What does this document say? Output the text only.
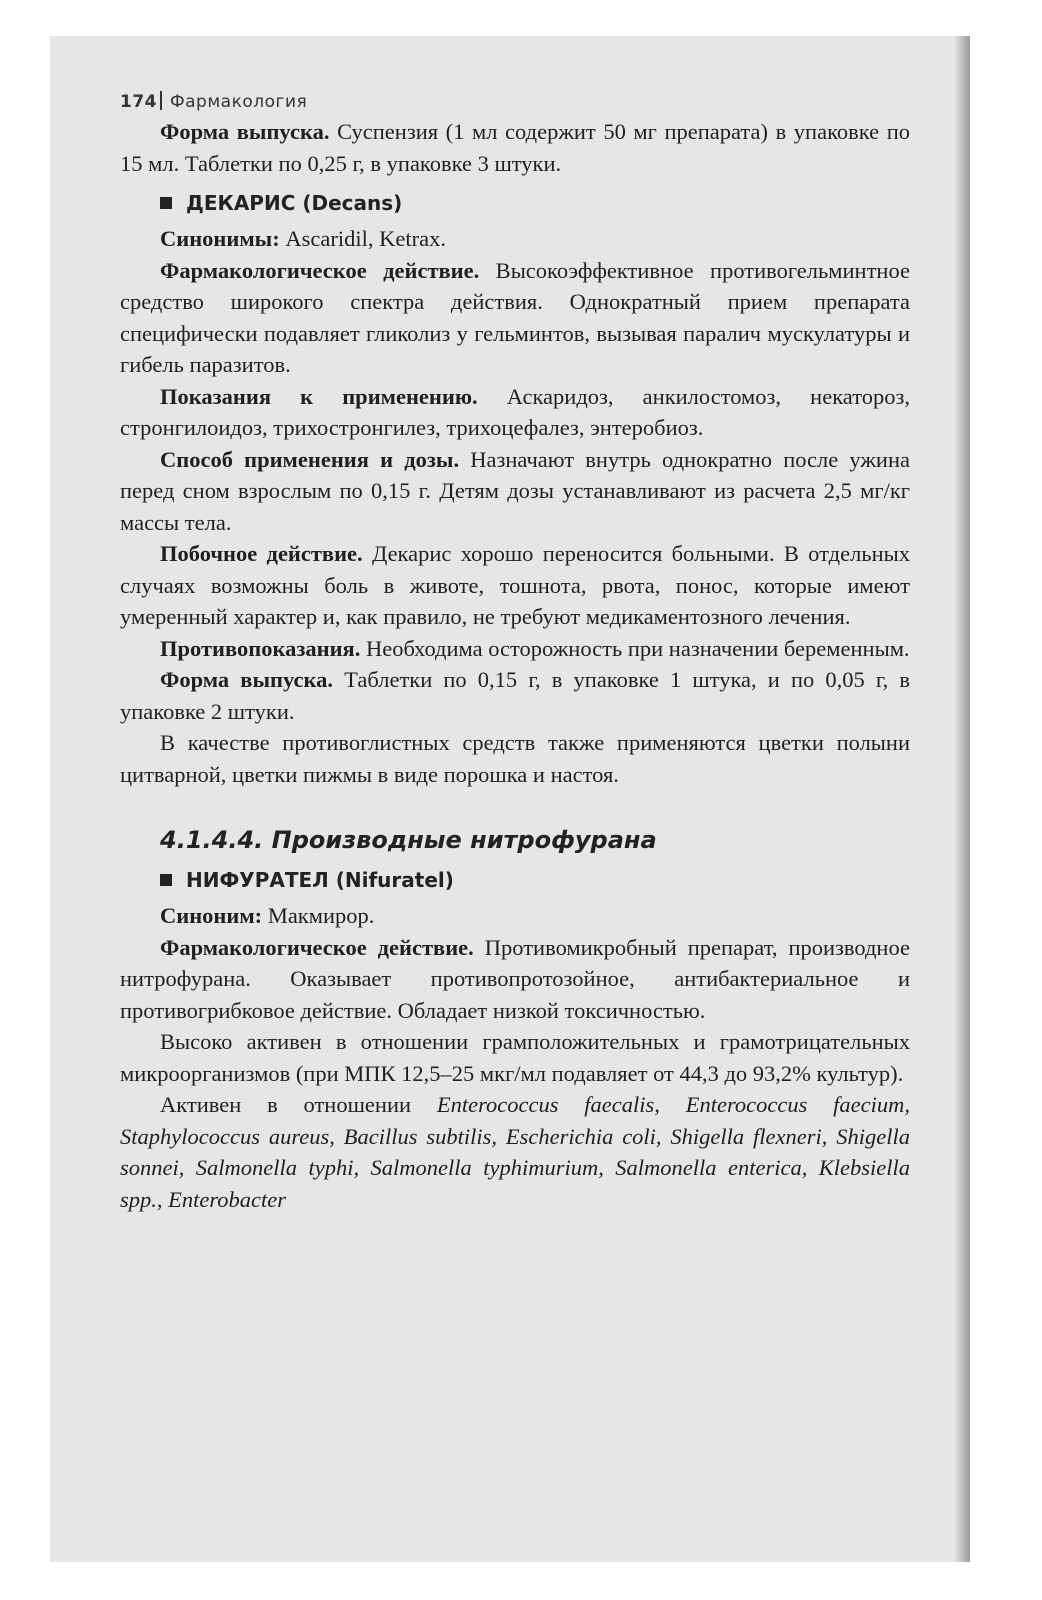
174 Фармакология

Форма выпуска. Суспензия (1 мл содержит 50 мг препарата) в упаковке по 15 мл. Таблетки по 0,25 г, в упаковке 3 штуки.

ДЕКАРИС (Decans)

Синонимы: Ascaridil, Ketrax.

Фармакологическое действие. Высокоэффективное противогельминтное средство широкого спектра действия. Однократный прием препарата специфически подавляет гликолиз у гельминтов, вызывая паралич мускулатуры и гибель паразитов.

Показания к применению. Аскаридоз, анкилостомоз, некатороз, стронгилоидоз, трихостронгилез, трихоцефалез, энтеробиоз.

Способ применения и дозы. Назначают внутрь однократно после ужина перед сном взрослым по 0,15 г. Детям дозы устанавливают из расчета 2,5 мг/кг массы тела.

Побочное действие. Декарис хорошо переносится больными. В отдельных случаях возможны боль в животе, тошнота, рвота, понос, которые имеют умеренный характер и, как правило, не требуют медикаментозного лечения.

Противопоказания. Необходима осторожность при назначении беременным.

Форма выпуска. Таблетки по 0,15 г, в упаковке 1 штука, и по 0,05 г, в упаковке 2 штуки.

В качестве противоглистных средств также применяются цветки полыни цитварной, цветки пижмы в виде порошка и настоя.

4.1.4.4. Производные нитрофурана
НИФУРАТЕЛ (Nifuratel)

Синоним: Макмирор.

Фармакологическое действие. Противомикробный препарат, производное нитрофурана. Оказывает противопротозойное, антибактериальное и противогрибковое действие. Обладает низкой токсичностью.

Высоко активен в отношении грамположительных и грамотрицательных микроорганизмов (при МПК 12,5–25 мкг/мл подавляет от 44,3 до 93,2% культур).

Активен в отношении Enterococcus faecalis, Enterococcus faecium, Staphylococcus aureus, Bacillus subtilis, Escherichia coli, Shigella flexneri, Shigella sonnei, Salmonella typhi, Salmonella typhimurium, Salmonella enterica, Klebsiella spp., Enterobacter
